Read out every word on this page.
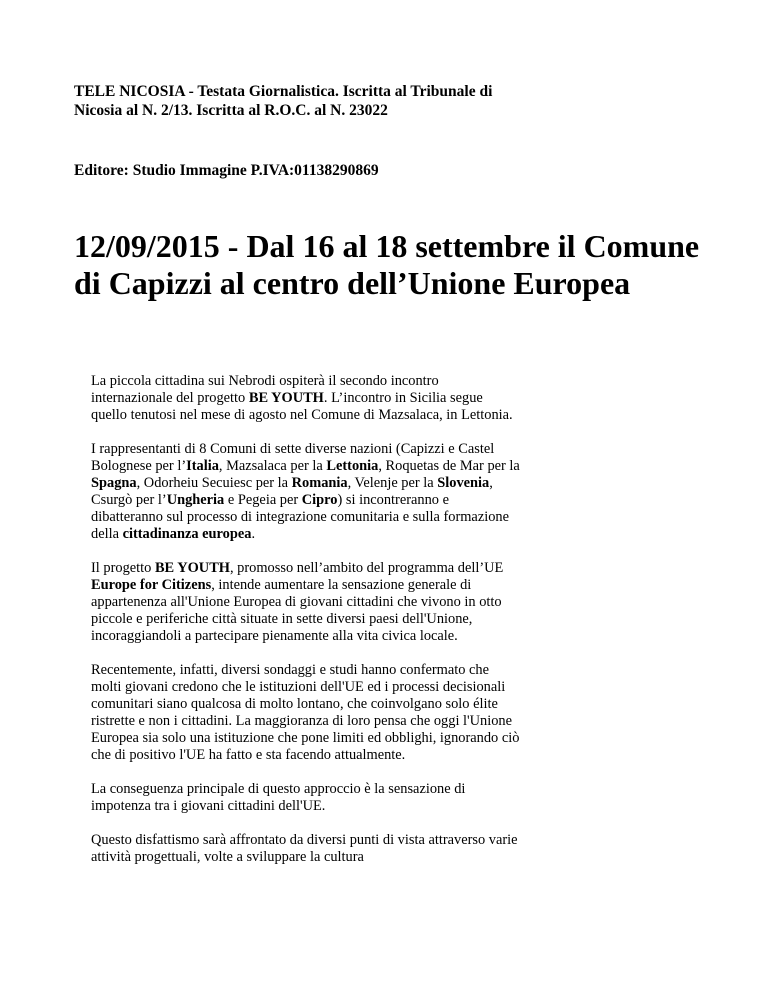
TELE NICOSIA - Testata Giornalistica. Iscritta al Tribunale di Nicosia al N. 2/13. Iscritta al R.O.C. al N. 23022

Editore: Studio Immagine P.IVA:01138290869

12/09/2015 - Dal 16 al 18 settembre il Comune di Capizzi al centro dell’Unione Europea

La piccola cittadina sui Nebrodi ospiterà il secondo incontro internazionale del progetto BE YOUTH. L’incontro in Sicilia segue quello tenutosi nel mese di agosto nel Comune di Mazsalaca, in Lettonia.

I rappresentanti di 8 Comuni di sette diverse nazioni (Capizzi e Castel Bolognese per l’Italia, Mazsalaca per la Lettonia, Roquetas de Mar per la Spagna, Odorheiu Secuiesc per la Romania, Velenje per la Slovenia, Csurgò per l’Ungheria e Pegeia per Cipro) si incontreranno e dibatteranno sul processo di integrazione comunitaria e sulla formazione della cittadinanza europea.

Il progetto BE YOUTH, promosso nell’ambito del programma dell’UE Europe for Citizens, intende aumentare la sensazione generale di appartenenza all'Unione Europea di giovani cittadini che vivono in otto piccole e periferiche città situate in sette diversi paesi dell'Unione, incoraggiandoli a partecipare pienamente alla vita civica locale.

Recentemente, infatti, diversi sondaggi e studi hanno confermato che molti giovani credono che le istituzioni dell'UE ed i processi decisionali comunitari siano qualcosa di molto lontano, che coinvolgano solo élite ristrette e non i cittadini. La maggioranza di loro pensa che oggi l'Unione Europea sia solo una istituzione che pone limiti ed obblighi, ignorando ciò che di positivo l'UE ha fatto e sta facendo attualmente.

La conseguenza principale di questo approccio è la sensazione di impotenza tra i giovani cittadini dell'UE.

Questo disfattismo sarà affrontato da diversi punti di vista attraverso varie attività progettuali, volte a sviluppare la cultura
